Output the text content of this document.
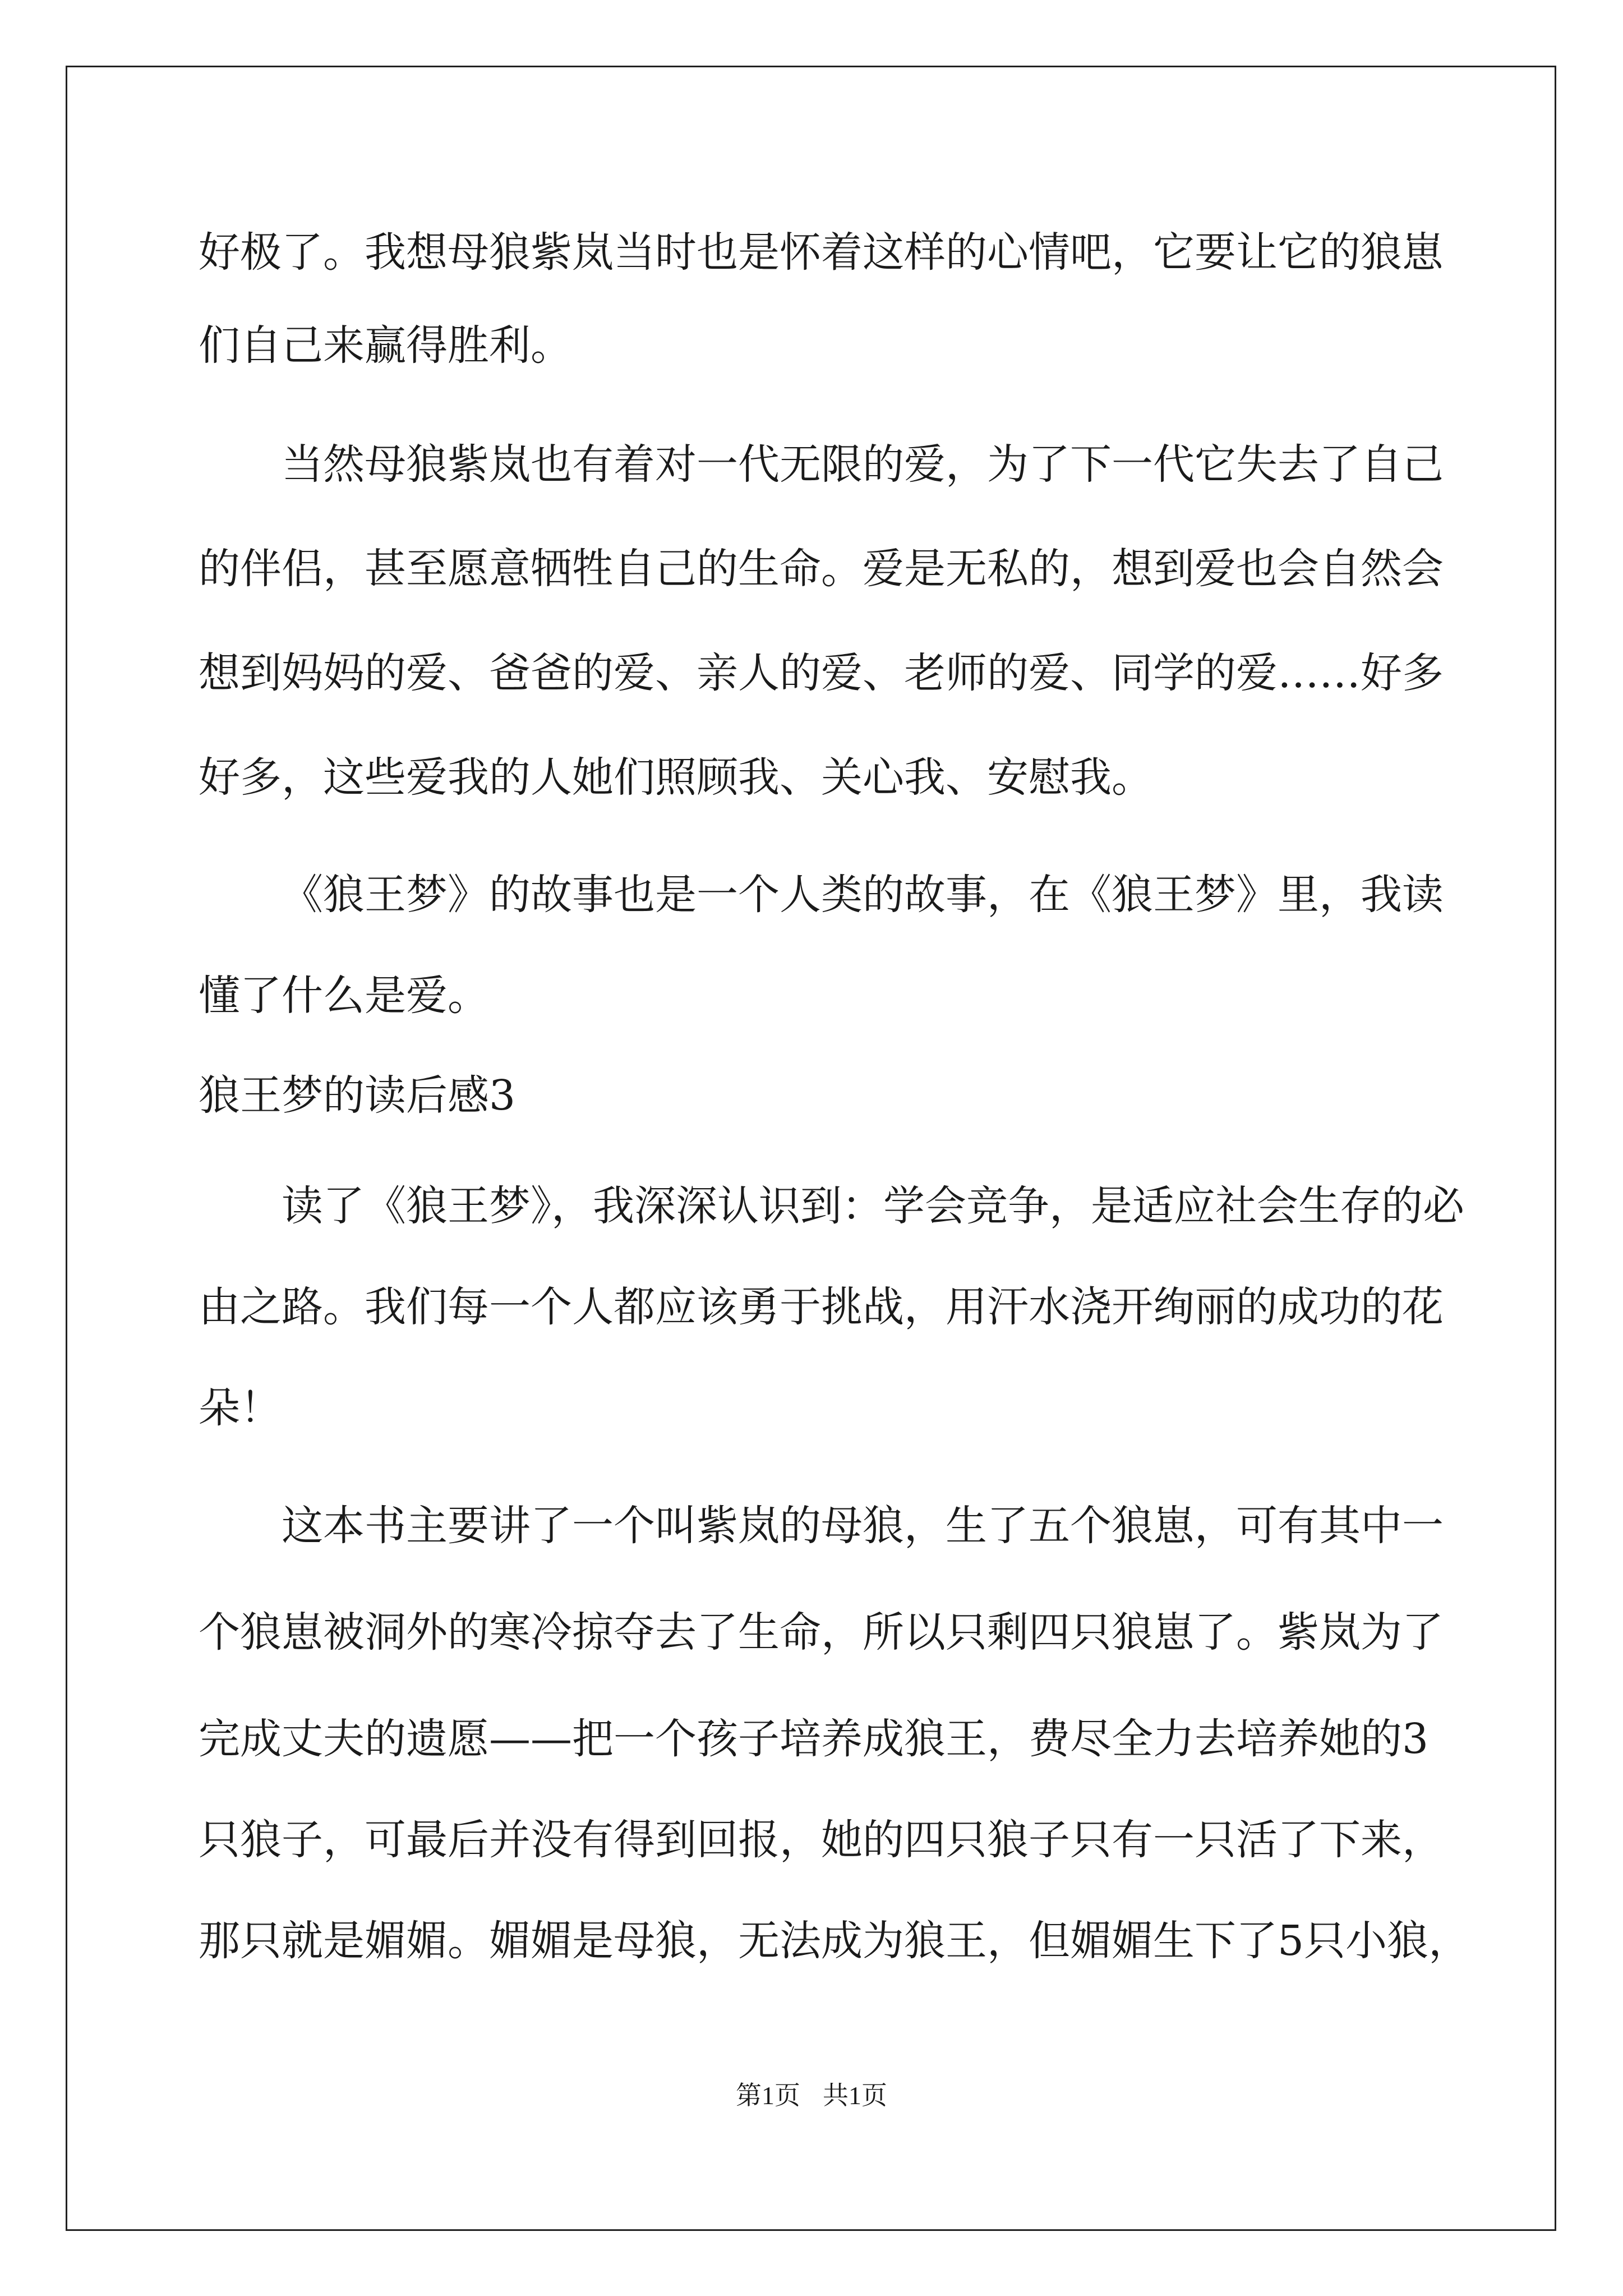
好极了。我想母狼紫岚当时也是怀着这样的心情吧，它要让它的狼崽
们自己来赢得胜利。
当然母狼紫岚也有着对一代无限的爱，为了下一代它失去了自己
的伴侣，甚至愿意牺牲自己的生命。爱是无私的，想到爱也会自然会
想到妈妈的爱、爸爸的爱、亲人的爱、老师的爱、同学的爱……好多
好多，这些爱我的人她们照顾我、关心我、安慰我。
《狼王梦》的故事也是一个人类的故事，在《狼王梦》里，我读
懂了什么是爱。
狼王梦的读后感3
读了《狼王梦》，我深深认识到：学会竞争，是适应社会生存的必
由之路。我们每一个人都应该勇于挑战，用汗水浇开绚丽的成功的花
朵！
这本书主要讲了一个叫紫岚的母狼，生了五个狼崽，可有其中一
个狼崽被洞外的寒冷掠夺去了生命，所以只剩四只狼崽了。紫岚为了
完成丈夫的遗愿——把一个孩子培养成狼王，费尽全力去培养她的3
只狼子，可最后并没有得到回报，她的四只狼子只有一只活了下来，
那只就是媚媚。媚媚是母狼，无法成为狼王，但媚媚生下了5只小狼，
第1页 共1页
